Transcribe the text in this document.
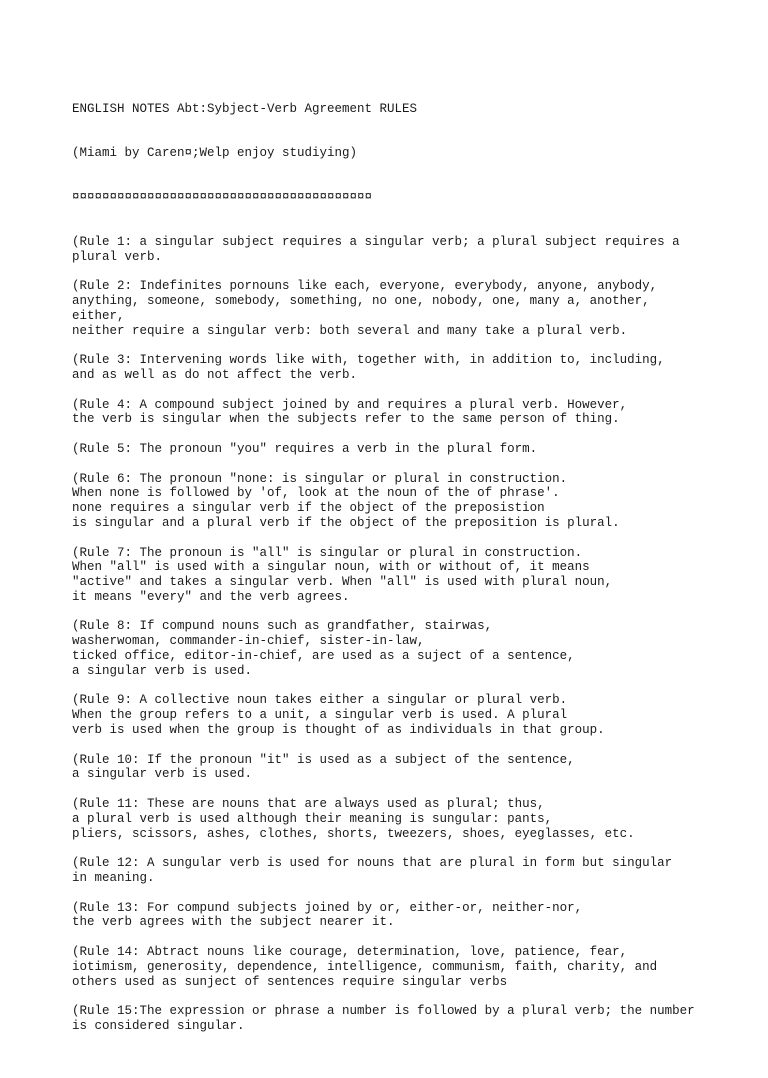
ENGLISH NOTES Abt:Sybject-Verb Agreement RULES

(Miami by Caren¤;Welp enjoy studiying)

¤¤¤¤¤¤¤¤¤¤¤¤¤¤¤¤¤¤¤¤¤¤¤¤¤¤¤¤¤¤¤¤¤¤¤¤¤¤¤¤

(Rule 1: a singular subject requires a singular verb; a plural subject requires a
plural verb.
(Rule 2: Indefinites pornouns like each, everyone, everybody, anyone, anybody,
anything, someone, somebody, something, no one, nobody, one, many a, another,
either,
neither require a singular verb: both several and many take a plural verb.
(Rule 3: Intervening words like with, together with, in addition to, including,
and as well as do not affect the verb.
(Rule 4: A compound subject joined by and requires a plural verb. However,
the verb is singular when the subjects refer to the same person of thing.
(Rule 5: The pronoun "you" requires a verb in the plural form.
(Rule 6: The pronoun "none: is singular or plural in construction.
When none is followed by 'of, look at the noun of the of phrase'.
none requires a singular verb if the object of the preposistion
is singular and a plural verb if the object of the preposition is plural.
(Rule 7: The pronoun is "all" is singular or plural in construction.
When "all" is used with a singular noun, with or without of, it means
"active" and takes a singular verb. When "all" is used with plural noun,
it means "every" and the verb agrees.
(Rule 8: If compund nouns such as grandfather, stairwas,
washerwoman, commander-in-chief, sister-in-law,
ticked office, editor-in-chief, are used as a suject of a sentence,
a singular verb is used.
(Rule 9: A collective noun takes either a singular or plural verb.
When the group refers to a unit, a singular verb is used. A plural
verb is used when the group is thought of as individuals in that group.
(Rule 10: If the pronoun "it" is used as a subject of the sentence,
a singular verb is used.
(Rule 11: These are nouns that are always used as plural; thus,
a plural verb is used although their meaning is sungular: pants,
pliers, scissors, ashes, clothes, shorts, tweezers, shoes, eyeglasses, etc.
(Rule 12: A sungular verb is used for nouns that are plural in form but singular
in meaning.
(Rule 13: For compund subjects joined by or, either-or, neither-nor,
the verb agrees with the subject nearer it.
(Rule 14: Abtract nouns like courage, determination, love, patience, fear,
iotimism, generosity, dependence, intelligence, communism, faith, charity, and
others used as sunject of sentences require singular verbs
(Rule 15:The expression or phrase a number is followed by a plural verb; the number
is considered singular.
